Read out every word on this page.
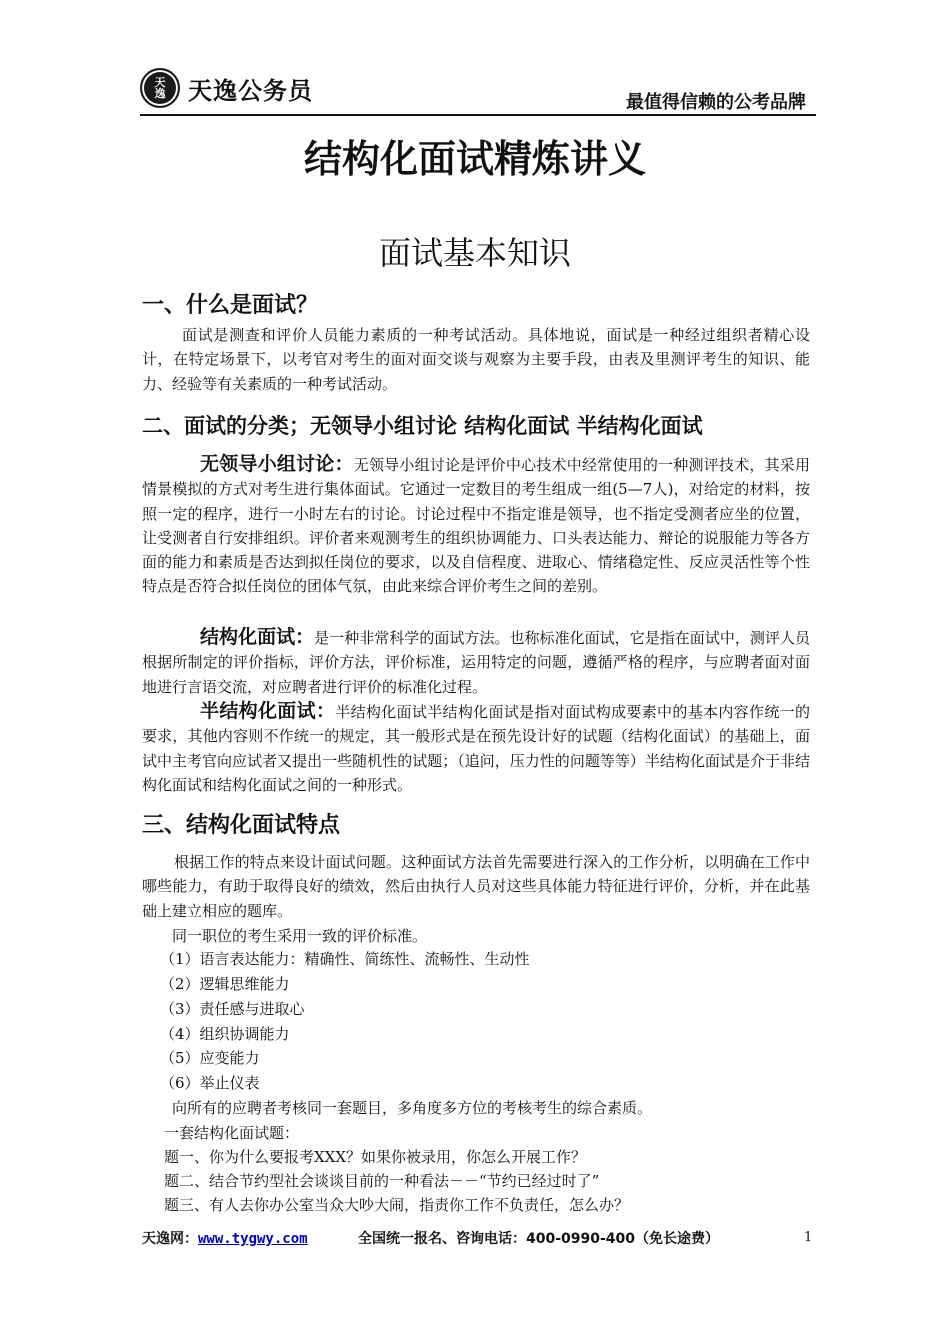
天
逸 天逸公务员	最值得信赖的公考品牌
结构化面试精炼讲义
面试基本知识
一、什么是面试？
面试是测查和评价人员能力素质的一种考试活动。具体地说，面试是一种经过组织者精心设计，在特定场景下，以考官对考生的面对面交谈与观察为主要手段，由表及里测评考生的知识、能力、经验等有关素质的一种考试活动。
二、面试的分类；无领导小组讨论 结构化面试 半结构化面试
无领导小组讨论：无领导小组讨论是评价中心技术中经常使用的一种测评技术，其采用情景模拟的方式对考生进行集体面试。它通过一定数目的考生组成一组(5—7人)，对给定的材料，按照一定的程序，进行一小时左右的讨论。讨论过程中不指定谁是领导，也不指定受测者应坐的位置，让受测者自行安排组织。评价者来观测考生的组织协调能力、口头表达能力、辩论的说服能力等各方面的能力和素质是否达到拟任岗位的要求，以及自信程度、进取心、情绪稳定性、反应灵活性等个性特点是否符合拟任岗位的团体气氛，由此来综合评价考生之间的差别。
结构化面试：是一种非常科学的面试方法。也称标准化面试，它是指在面试中，测评人员根据所制定的评价指标，评价方法，评价标准，运用特定的问题，遵循严格的程序，与应聘者面对面地进行言语交流，对应聘者进行评价的标准化过程。
半结构化面试：半结构化面试半结构化面试是指对面试构成要素中的基本内容作统一的要求，其他内容则不作统一的规定，其一般形式是在预先设计好的试题（结构化面试）的基础上，面试中主考官向应试者又提出一些随机性的试题；（追问，压力性的问题等等）半结构化面试是介于非结构化面试和结构化面试之间的一种形式。
三、结构化面试特点
根据工作的特点来设计面试问题。这种面试方法首先需要进行深入的工作分析，以明确在工作中哪些能力，有助于取得良好的绩效，然后由执行人员对这些具体能力特征进行评价，分析，并在此基础上建立相应的题库。
同一职位的考生采用一致的评价标准。
（1）语言表达能力：精确性、简练性、流畅性、生动性
（2）逻辑思维能力
（3）责任感与进取心
（4）组织协调能力
（5）应变能力
（6）举止仪表
向所有的应聘者考核同一套题目，多角度多方位的考核考生的综合素质。
一套结构化面试题：
题一、你为什么要报考XXX？如果你被录用，你怎么开展工作？
题二、结合节约型社会谈谈目前的一种看法－－“节约已经过时了”
题三、有人去你办公室当众大吵大闹，指责你工作不负责任，怎么办？
天逸网：www.tygwy.com	全国统一报名、咨询电话：400-0990-400（免长途费）	1
